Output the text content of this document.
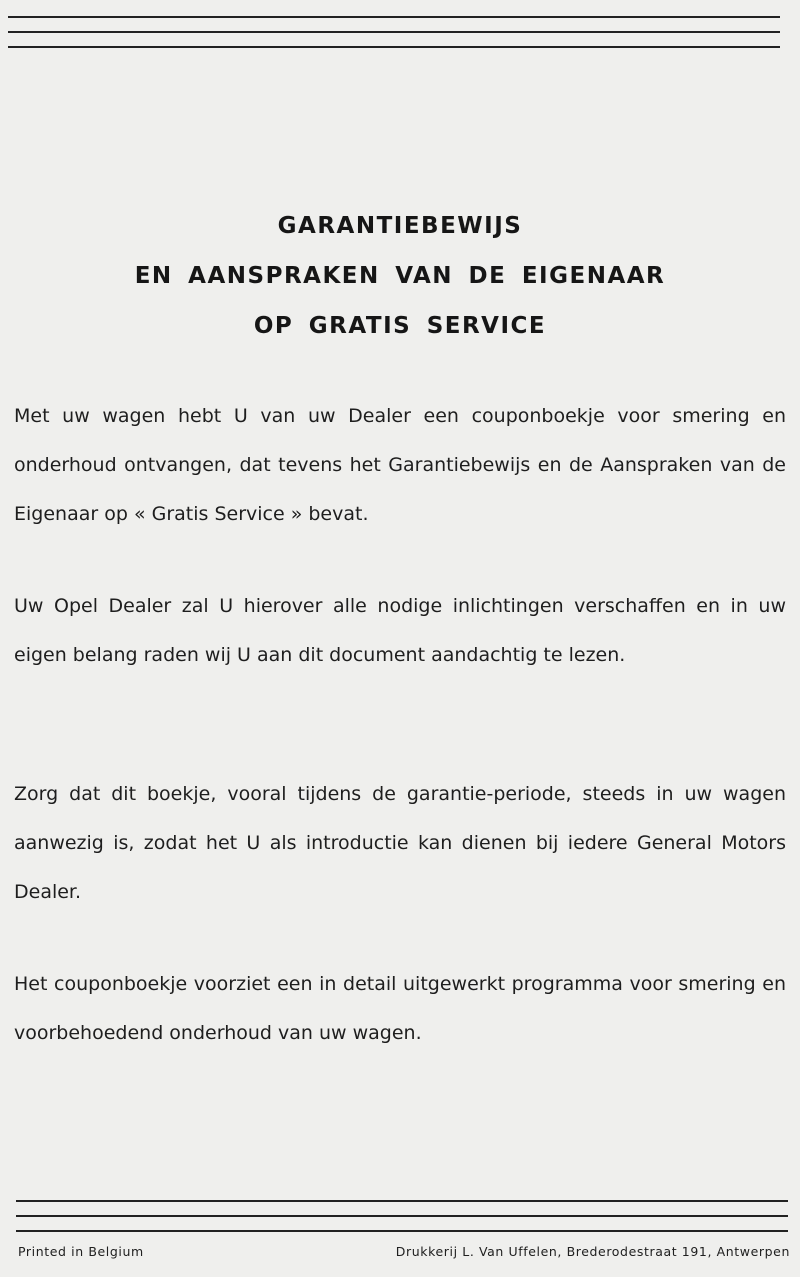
GARANTIEBEWIJS
EN AANSPRAKEN VAN DE EIGENAAR
OP GRATIS SERVICE

Met uw wagen hebt U van uw Dealer een couponboekje voor smering en onderhoud ontvangen, dat tevens het Garantiebewijs en de Aanspraken van de Eigenaar op « Gratis Service » bevat.

Uw Opel Dealer zal U hierover alle nodige inlichtingen verschaffen en in uw eigen belang raden wij U aan dit document aandachtig te lezen.

Zorg dat dit boekje, vooral tijdens de garantie-periode, steeds in uw wagen aanwezig is, zodat het U als introductie kan dienen bij iedere General Motors Dealer.

Het couponboekje voorziet een in detail uitgewerkt programma voor smering en voorbehoedend onderhoud van uw wagen.

Printed in Belgium	Drukkerij L. Van Uffelen, Brederodestraat 191, Antwerpen
